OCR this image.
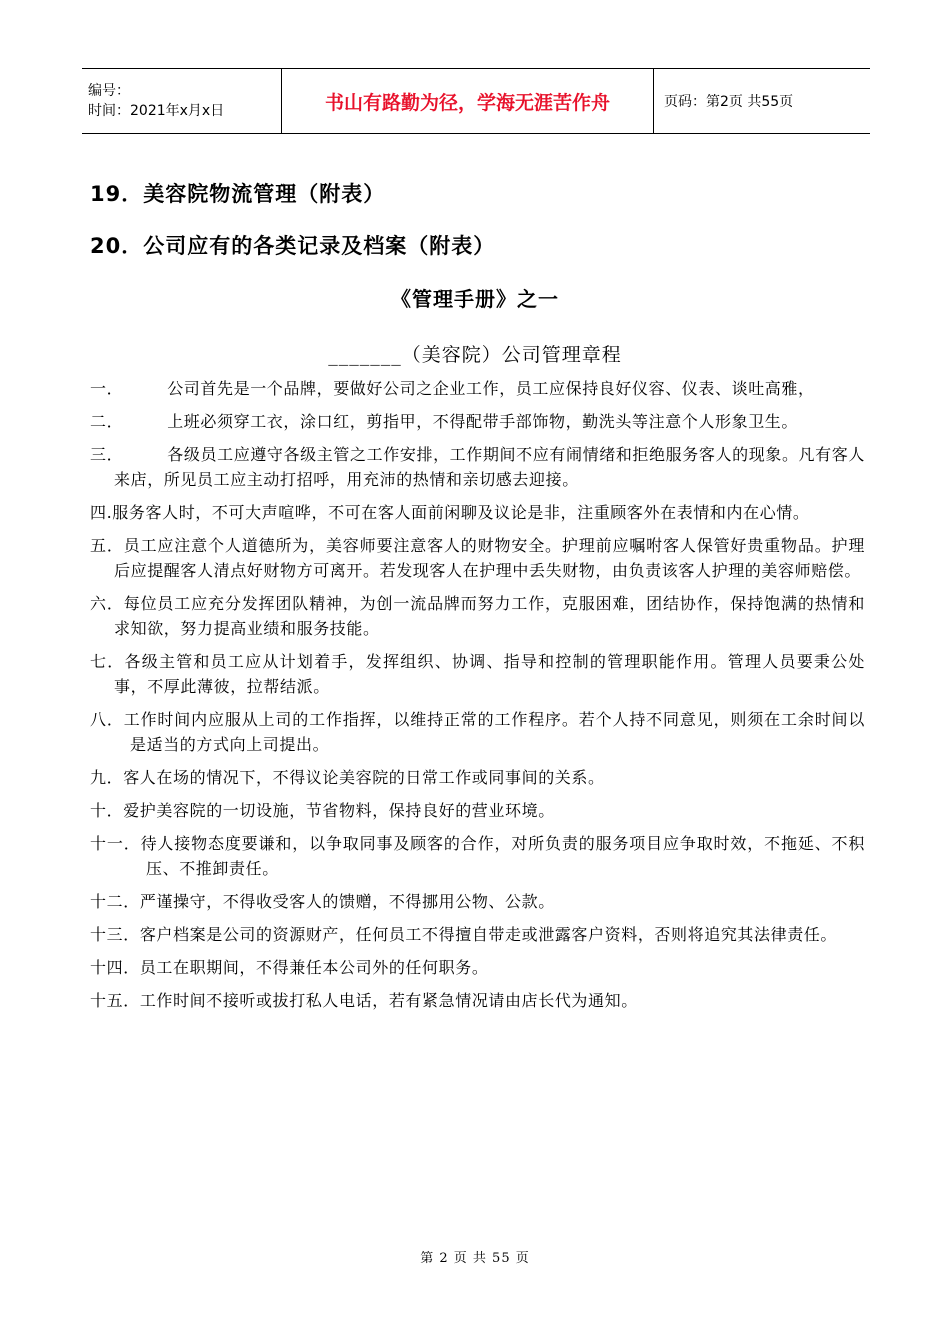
编号：
时间：2021年x月x日	书山有路勤为径，学海无涯苦作舟	页码：第2页 共55页
19．美容院物流管理（附表）
20．公司应有的各类记录及档案（附表）
《管理手册》之一
_______（美容院）公司管理章程

一．	公司首先是一个品牌，要做好公司之企业工作，员工应保持良好仪容、仪表、谈吐高雅，

二．	上班必须穿工衣，涂口红，剪指甲，不得配带手部饰物，勤洗头等注意个人形象卫生。

三．	各级员工应遵守各级主管之工作安排，工作期间不应有闹情绪和拒绝服务客人的现象。凡有客人来店，所见员工应主动打招呼，用充沛的热情和亲切感去迎接。

四.服务客人时，不可大声喧哗，不可在客人面前闲聊及议论是非，注重顾客外在表情和内在心情。

五．员工应注意个人道德所为，美容师要注意客人的财物安全。护理前应嘱咐客人保管好贵重物品。护理后应提醒客人清点好财物方可离开。若发现客人在护理中丢失财物，由负责该客人护理的美容师赔偿。

六．每位员工应充分发挥团队精神，为创一流品牌而努力工作，克服困难，团结协作，保持饱满的热情和求知欲，努力提高业绩和服务技能。

七．各级主管和员工应从计划着手，发挥组织、协调、指导和控制的管理职能作用。管理人员要秉公处事，不厚此薄彼，拉帮结派。

八．工作时间内应服从上司的工作指挥，以维持正常的工作程序。若个人持不同意见，则须在工余时间以是适当的方式向上司提出。

九．客人在场的情况下，不得议论美容院的日常工作或同事间的关系。

十．爱护美容院的一切设施，节省物料，保持良好的营业环境。

十一．待人接物态度要谦和，以争取同事及顾客的合作，对所负责的服务项目应争取时效，不拖延、不积压、不推卸责任。

十二．严谨操守，不得收受客人的馈赠，不得挪用公物、公款。

十三．客户档案是公司的资源财产，任何员工不得擅自带走或泄露客户资料，否则将追究其法律责任。

十四．员工在职期间，不得兼任本公司外的任何职务。

十五．工作时间不接听或拔打私人电话，若有紧急情况请由店长代为通知。

第 2 页 共 55 页
